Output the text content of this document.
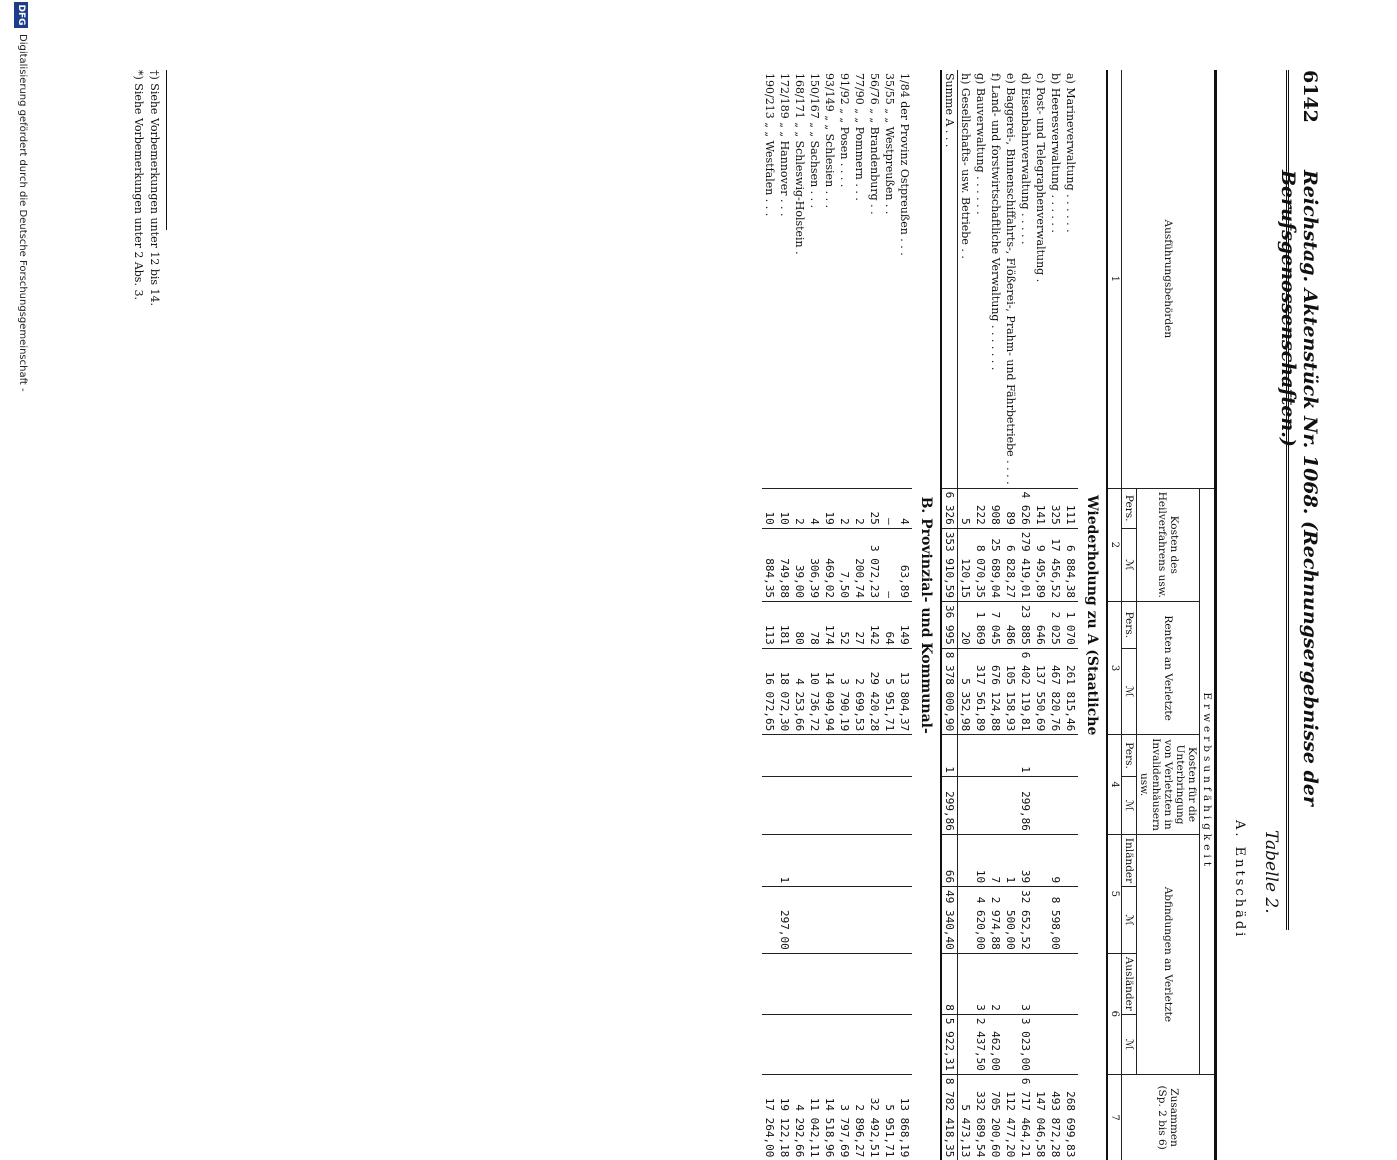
6142
Reichstag. Aktenstück Nr. 1068. (Rechnungsergebnisse der Berufsgenossenschaften.)
Tabelle 2.
A. Entschädi
Ausführungsbehörden	Erwerbsunfähigkeit										Zusammen (Sp. 2 bis 6)
	Kosten des Heilverfahrens usw.		Renten an Verletzte		Kosten für die Unterbringung von Verletzten in Invalidenhäusern usw.		Abfindungen an Verletzte				
	Pers.	ℳ	Pers.	ℳ	Pers.	ℳ	Inländer	ℳ	Ausländer	ℳ	
1	2		3		4		5		6		7
Wiederholung zu A (Staatliche											
a) Marineverwaltung . . . . . .	111	6 884,38	1 070	261 815,46								268 699,83
b) Heeresverwaltung . . . . . .	325	17 456,52	2 025	467 820,76			9	8 598,00				493 872,28
c) Post- und Telegraphenverwaltung .	141	9 495,89	646	137 550,69								147 046,58
d) Eisenbahnverwaltung . . . . .	4 626	279 419,01	23 885	6 402 119,81	1	299,86	39	32 652,52	3	3 023,00		6 717 464,21
e) Baggerei-, Binnenschiffahrts-, Flößerei-, Prahm- und Fährbetriebe . . . .	89	6 828,27	486	105 158,93			1	500,00				112 477,20
f) Land- und forstwirtschaftliche Verwaltung . . . . . . .	908	25 689,04	7 045	676 124,88			7	2 974,88	2	462,00		705 200,60
g) Bauverwaltung . . . . . .	222	8 070,35	1 869	317 561,89			10	4 620,00	3	2 437,50		332 689,54
h) Gesellschafts- usw. Betriebe . .	5	120,15	20	5 352,98								5 473,13
Summe A . . .	6 326	353 910,59	36 995	8 378 000,90	1	299,86	66	49 340,40	8	5 922,31		8 782 418,35
B. Provinzial- und Kommunal-											
1/84 der Provinz Ostpreußen . . .	4	63,89	149	13 804,37								13 868,19
35/55 „ „ Westpreußen . .	—	—	64	5 951,71								5 951,71
56/76 „ „ Brandenburg . .	25	3 072,23	142	29 420,28								32 492,51
77/90 „ „ Pommern . . .	2	200,74	27	2 699,53								2 896,27
91/92 „ „ Posen . . . .	2	7,50	52	3 790,19								3 797,69
93/149 „ „ Schlesien . . .	19	469,02	174	14 049,94								14 518,96
150/167 „ „ Sachsen . . .	4	306,39	78	10 736,72								11 042,11
168/171 „ „ Schleswig-Holstein .	2	39,00	80	4 253,66								4 292,66
172/189 „ „ Hannover . . .	10	749,88	181	18 072,30			1	297,00				19 122,18
190/213 „ „ Westfalen . . .	10	884,35	113	16 072,65								17 264,00
†) Siehe Vorbemerkungen unter 12 bis 14.
*) Siehe Vorbemerkungen unter 2 Abs. 3.
DFG
Digitalisierung gefördert durch die Deutsche Forschungsgemeinschaft -
